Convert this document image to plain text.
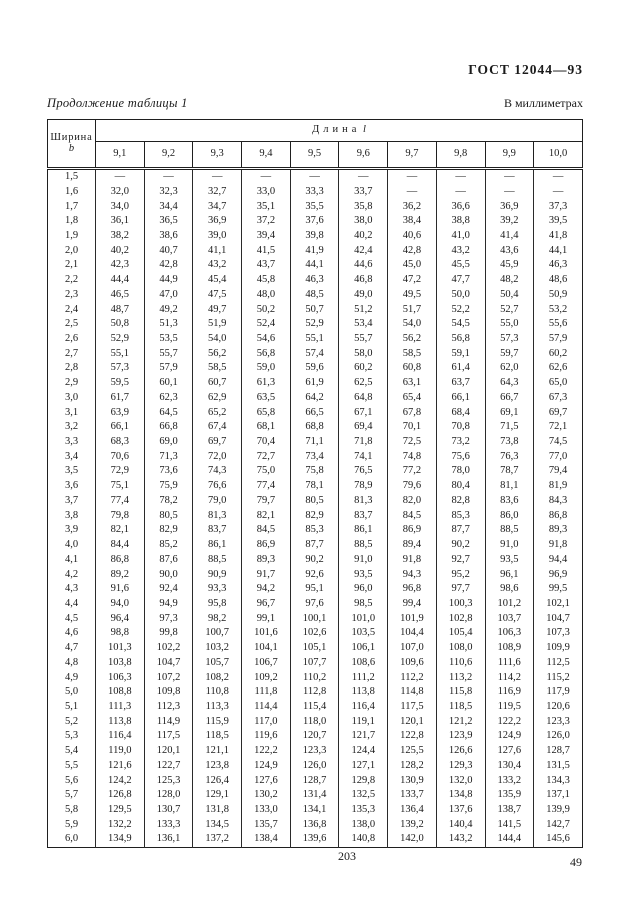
ГОСТ 12044—93
Продолжение таблицы 1	В миллиметрах
Ширина
b	Длина l									
	9,1	9,2	9,3	9,4	9,5	9,6	9,7	9,8	9,9	10,0
1,5	—	—	—	—	—	—	—	—	—	—
1,6	32,0	32,3	32,7	33,0	33,3	33,7	—	—	—	—
1,7	34,0	34,4	34,7	35,1	35,5	35,8	36,2	36,6	36,9	37,3
1,8	36,1	36,5	36,9	37,2	37,6	38,0	38,4	38,8	39,2	39,5
1,9	38,2	38,6	39,0	39,4	39,8	40,2	40,6	41,0	41,4	41,8
2,0	40,2	40,7	41,1	41,5	41,9	42,4	42,8	43,2	43,6	44,1
2,1	42,3	42,8	43,2	43,7	44,1	44,6	45,0	45,5	45,9	46,3
2,2	44,4	44,9	45,4	45,8	46,3	46,8	47,2	47,7	48,2	48,6
2,3	46,5	47,0	47,5	48,0	48,5	49,0	49,5	50,0	50,4	50,9
2,4	48,7	49,2	49,7	50,2	50,7	51,2	51,7	52,2	52,7	53,2
2,5	50,8	51,3	51,9	52,4	52,9	53,4	54,0	54,5	55,0	55,6
2,6	52,9	53,5	54,0	54,6	55,1	55,7	56,2	56,8	57,3	57,9
2,7	55,1	55,7	56,2	56,8	57,4	58,0	58,5	59,1	59,7	60,2
2,8	57,3	57,9	58,5	59,0	59,6	60,2	60,8	61,4	62,0	62,6
2,9	59,5	60,1	60,7	61,3	61,9	62,5	63,1	63,7	64,3	65,0
3,0	61,7	62,3	62,9	63,5	64,2	64,8	65,4	66,1	66,7	67,3
3,1	63,9	64,5	65,2	65,8	66,5	67,1	67,8	68,4	69,1	69,7
3,2	66,1	66,8	67,4	68,1	68,8	69,4	70,1	70,8	71,5	72,1
3,3	68,3	69,0	69,7	70,4	71,1	71,8	72,5	73,2	73,8	74,5
3,4	70,6	71,3	72,0	72,7	73,4	74,1	74,8	75,6	76,3	77,0
3,5	72,9	73,6	74,3	75,0	75,8	76,5	77,2	78,0	78,7	79,4
3,6	75,1	75,9	76,6	77,4	78,1	78,9	79,6	80,4	81,1	81,9
3,7	77,4	78,2	79,0	79,7	80,5	81,3	82,0	82,8	83,6	84,3
3,8	79,8	80,5	81,3	82,1	82,9	83,7	84,5	85,3	86,0	86,8
3,9	82,1	82,9	83,7	84,5	85,3	86,1	86,9	87,7	88,5	89,3
4,0	84,4	85,2	86,1	86,9	87,7	88,5	89,4	90,2	91,0	91,8
4,1	86,8	87,6	88,5	89,3	90,2	91,0	91,8	92,7	93,5	94,4
4,2	89,2	90,0	90,9	91,7	92,6	93,5	94,3	95,2	96,1	96,9
4,3	91,6	92,4	93,3	94,2	95,1	96,0	96,8	97,7	98,6	99,5
4,4	94,0	94,9	95,8	96,7	97,6	98,5	99,4	100,3	101,2	102,1
4,5	96,4	97,3	98,2	99,1	100,1	101,0	101,9	102,8	103,7	104,7
4,6	98,8	99,8	100,7	101,6	102,6	103,5	104,4	105,4	106,3	107,3
4,7	101,3	102,2	103,2	104,1	105,1	106,1	107,0	108,0	108,9	109,9
4,8	103,8	104,7	105,7	106,7	107,7	108,6	109,6	110,6	111,6	112,5
4,9	106,3	107,2	108,2	109,2	110,2	111,2	112,2	113,2	114,2	115,2
5,0	108,8	109,8	110,8	111,8	112,8	113,8	114,8	115,8	116,9	117,9
5,1	111,3	112,3	113,3	114,4	115,4	116,4	117,5	118,5	119,5	120,6
5,2	113,8	114,9	115,9	117,0	118,0	119,1	120,1	121,2	122,2	123,3
5,3	116,4	117,5	118,5	119,6	120,7	121,7	122,8	123,9	124,9	126,0
5,4	119,0	120,1	121,1	122,2	123,3	124,4	125,5	126,6	127,6	128,7
5,5	121,6	122,7	123,8	124,9	126,0	127,1	128,2	129,3	130,4	131,5
5,6	124,2	125,3	126,4	127,6	128,7	129,8	130,9	132,0	133,2	134,3
5,7	126,8	128,0	129,1	130,2	131,4	132,5	133,7	134,8	135,9	137,1
5,8	129,5	130,7	131,8	133,0	134,1	135,3	136,4	137,6	138,7	139,9
5,9	132,2	133,3	134,5	135,7	136,8	138,0	139,2	140,4	141,5	142,7
6,0	134,9	136,1	137,2	138,4	139,6	140,8	142,0	143,2	144,4	145,6
203	49
